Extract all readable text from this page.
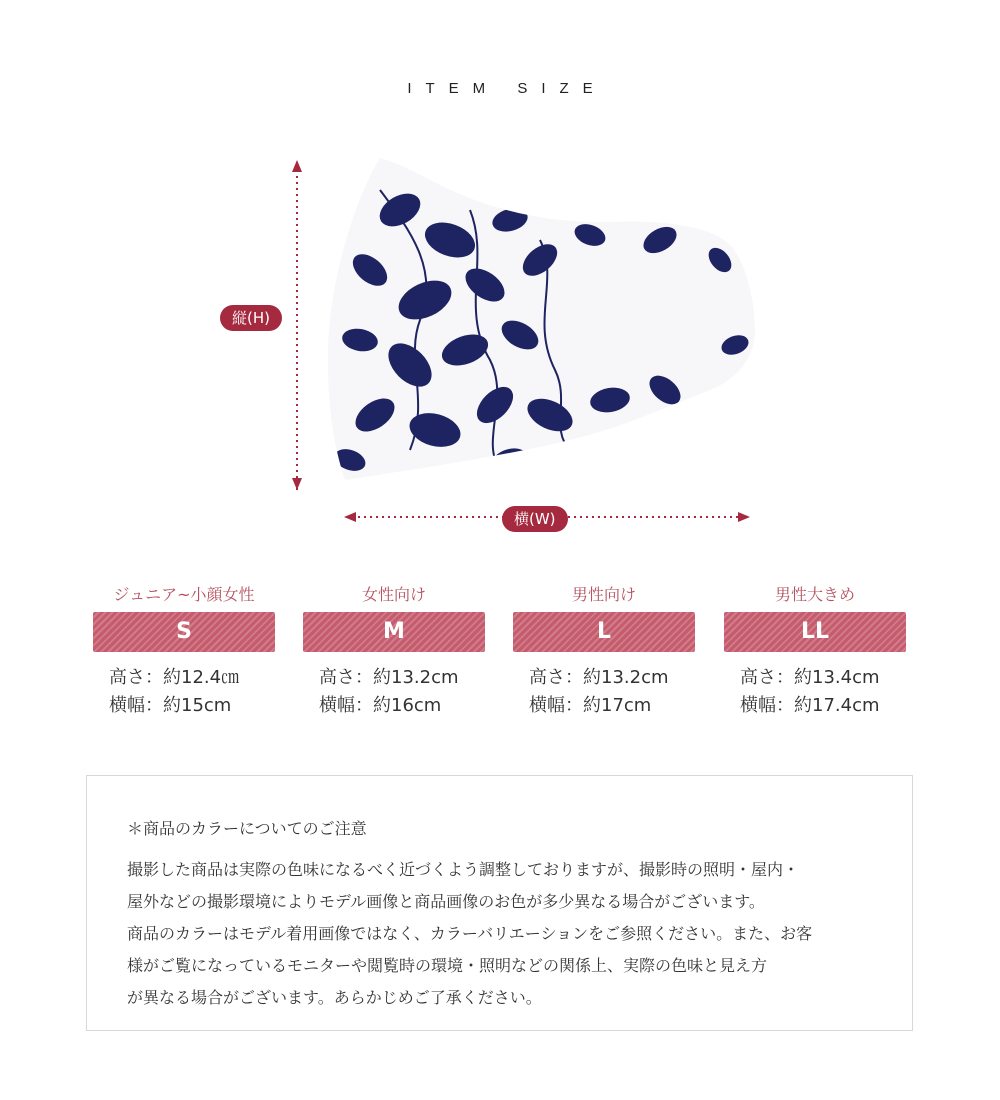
ITEM SIZE
縦(H)
横(W)
ジュニア~小顔女性
S
高さ：約12.4㎝
横幅：約15cm
女性向け
M
高さ：約13.2cm
横幅：約16cm
男性向け
L
高さ：約13.2cm
横幅：約17cm
男性大きめ
LL
高さ：約13.4cm
横幅：約17.4cm
＊商品のカラーについてのご注意
撮影した商品は実際の色味になるべく近づくよう調整しておりますが、撮影時の照明・屋内・
屋外などの撮影環境によりモデル画像と商品画像のお色が多少異なる場合がございます。
商品のカラーはモデル着用画像ではなく、カラーバリエーションをご参照ください。また、お客
様がご覧になっているモニターや閲覧時の環境・照明などの関係上、実際の色味と見え方
が異なる場合がございます。あらかじめご了承ください。
